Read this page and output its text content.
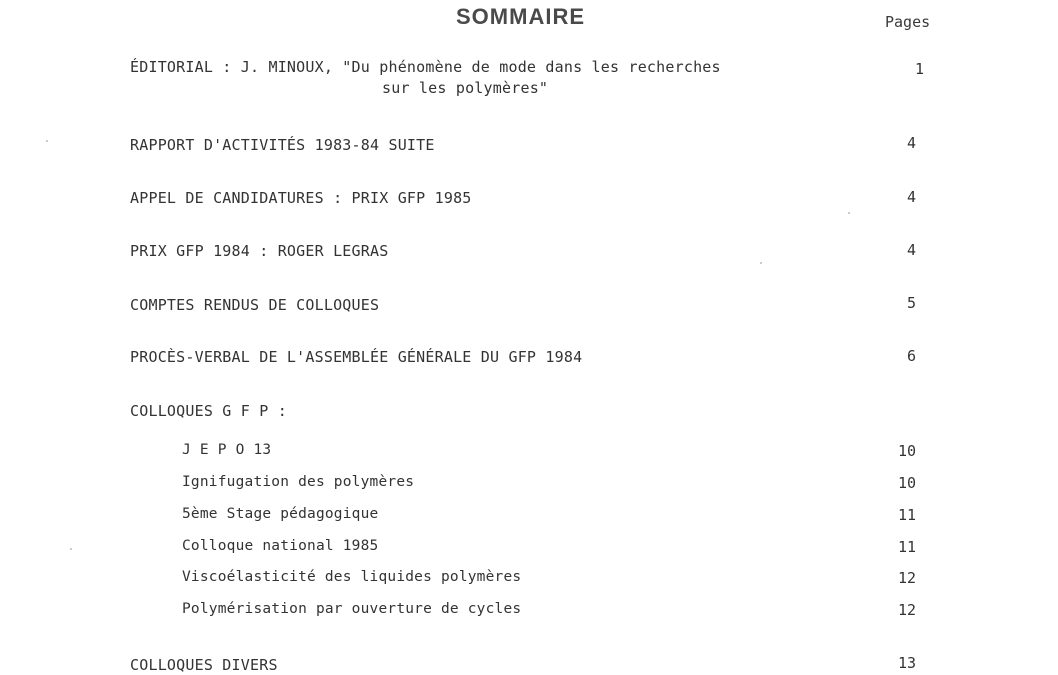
SOMMAIRE	Pages
ÉDITORIAL : J. MINOUX, "Du phénomène de mode dans les recherches	1
sur les polymères"
RAPPORT D'ACTIVITÉS 1983-84 SUITE	4
APPEL DE CANDIDATURES : PRIX GFP 1985	4
PRIX GFP 1984 : ROGER LEGRAS	4
COMPTES RENDUS DE COLLOQUES	5
PROCÈS-VERBAL DE L'ASSEMBLÉE GÉNÉRALE DU GFP 1984	6
COLLOQUES G F P :
J E P O 13	10
Ignifugation des polymères	10
5ème Stage pédagogique	11
Colloque national 1985	11
Viscoélasticité des liquides polymères	12
Polymérisation par ouverture de cycles	12
COLLOQUES DIVERS	13
